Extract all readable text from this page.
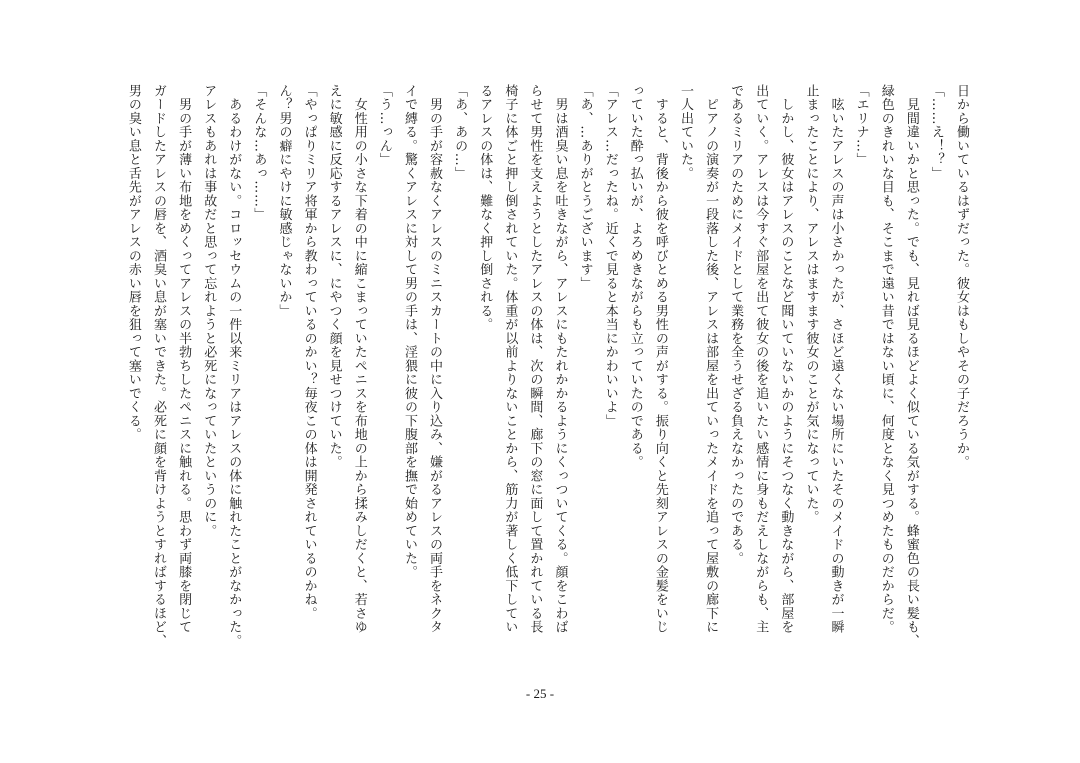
日から働いているはずだった。彼女はもしやその子だろうか。
「……え！？」
　見間違いかと思った。でも、見れば見るほどよく似ている気がする。蜂蜜色の長い髪も、
緑色のきれいな目も、そこまで遠い昔ではない頃に、何度となく見つめたものだからだ。
「エリナ…」
　呟いたアレスの声は小さかったが、さほど遠くない場所にいたそのメイドの動きが一瞬
止まったことにより、アレスはますます彼女のことが気になっていた。
　しかし、彼女はアレスのことなど聞いていないかのようにそつなく動きながら、部屋を
出ていく。アレスは今すぐ部屋を出て彼女の後を追いたい感情に身もだえしながらも、主
であるミリアのためにメイドとして業務を全うせざる負えなかったのである。
　ピアノの演奏が一段落した後、アレスは部屋を出ていったメイドを追って屋敷の廊下に
一人出ていた。
　すると、背後から彼を呼びとめる男性の声がする。振り向くと先刻アレスの金髪をいじ
っていた酔っ払いが、よろめきながらも立っていたのである。
「アレス…だったね。近くで見ると本当にかわいいよ」
「あ、…ありがとうございます」
　男は酒臭い息を吐きながら、アレスにもたれかかるようにくっついてくる。顔をこわば
らせて男性を支えようとしたアレスの体は、次の瞬間、廊下の窓に面して置かれている長
椅子に体ごと押し倒されていた。体重が以前よりないことから、筋力が著しく低下してい
るアレスの体は、難なく押し倒される。
「あ、あの…」
　男の手が容赦なくアレスのミニスカートの中に入り込み、嫌がるアレスの両手をネクタ
イで縛る。驚くアレスに対して男の手は、淫猥に彼の下腹部を撫で始めていた。
「う…っん」
　女性用の小さな下着の中に縮こまっていたペニスを布地の上から揉みしだくと、若さゆ
えに敏感に反応するアレスに、にやつく顔を見せつけていた。
「やっぱりミリア将軍から教わっているのかい？毎夜この体は開発されているのかね。
ん？男の癖にやけに敏感じゃないか」
「そんな…あっ……」
　あるわけがない。コロッセウムの一件以来ミリアはアレスの体に触れたことがなかった。
アレスもあれは事故だと思って忘れようと必死になっていたというのに。
　男の手が薄い布地をめくってアレスの半勃ちしたペニスに触れる。思わず両膝を閉じて
ガードしたアレスの唇を、酒臭い息が塞いできた。必死に顔を背けようとすればするほど、
男の臭い息と舌先がアレスの赤い唇を狙って塞いでくる。
- 25 -
